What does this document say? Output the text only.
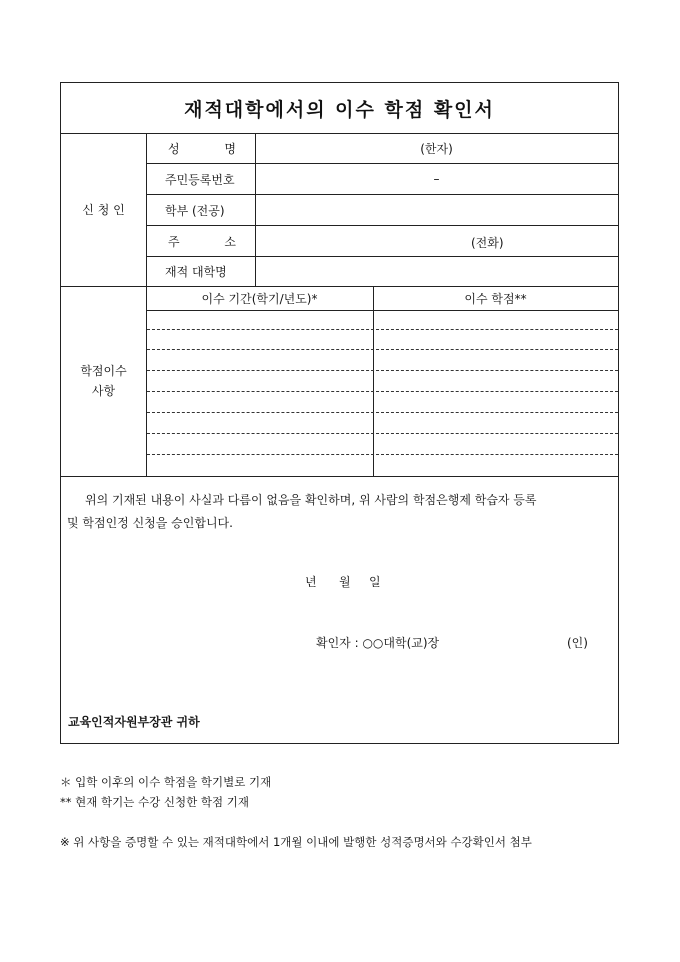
재적대학에서의 이수 학점 확인서
신 청 인
성	명	(한자)
주민등록번호	–
학부 (전공)
주	소	(전화)
재적 대학명
학점이수
사항
이수 기간(학기/년도)*	이수 학점**
위의 기재된 내용이 사실과 다름이 없음을 확인하며, 위 사람의 학점은행제 학습자 등록
및 학점인정 신청을 승인합니다.
년 월 일
확인자 : ○○대학(교)장	(인)
교육인적자원부장관 귀하
＊ 입학 이후의 이수 학점을 학기별로 기재
** 현재 학기는 수강 신청한 학점 기재
※ 위 사항을 증명할 수 있는 재적대학에서 1개월 이내에 발행한 성적증명서와 수강확인서 첨부
